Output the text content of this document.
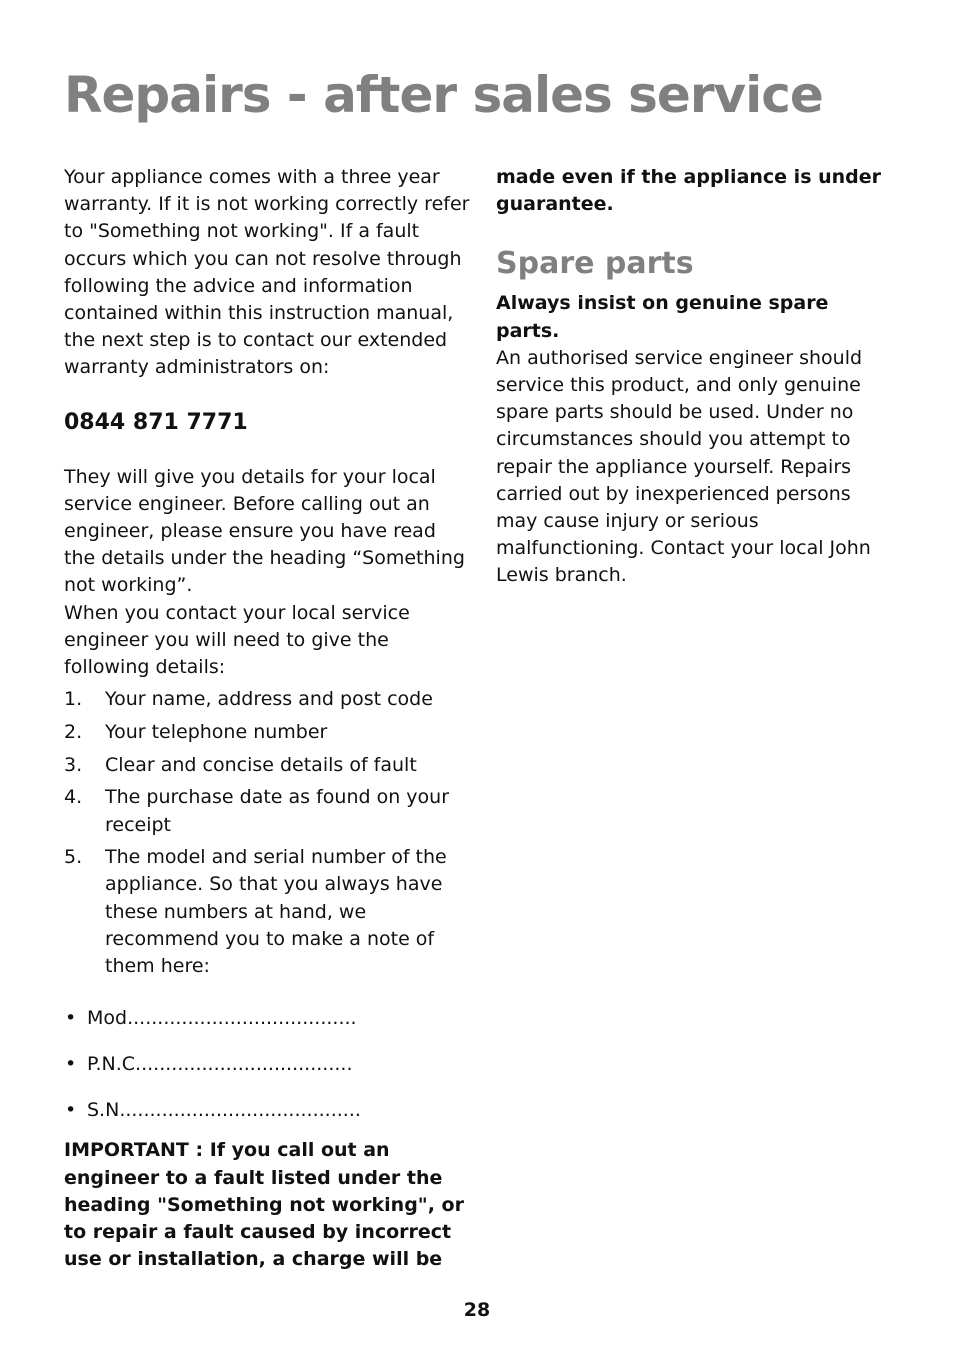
Repairs - after sales service

Your appliance comes with a three year warranty. If it is not working correctly refer to "Something not working". If a fault occurs which you can not resolve through following the advice and information contained within this instruction manual, the next step is to contact our extended warranty administrators on:

0844 871 7771

They will give you details for your local service engineer. Before calling out an engineer, please ensure you have read the details under the heading “Something not working”.

When you contact your local service engineer you will need to give the following details:

1. Your name, address and post code
2. Your telephone number
3. Clear and concise details of fault
4. The purchase date as found on your receipt
5. The model and serial number of the appliance. So that you always have these numbers at hand, we recommend you to make a note of them here:
• Mod......................................
• P.N.C....................................
• S.N........................................

IMPORTANT : If you call out an engineer to a fault listed under the heading "Something not working", or to repair a fault caused by incorrect use or installation, a charge will be

made even if the appliance is under guarantee.

Spare parts

Always insist on genuine spare parts.

An authorised service engineer should service this product, and only genuine spare parts should be used. Under no circumstances should you attempt to repair the appliance yourself. Repairs carried out by inexperienced persons may cause injury or serious malfunctioning. Contact your local John Lewis branch.

28
